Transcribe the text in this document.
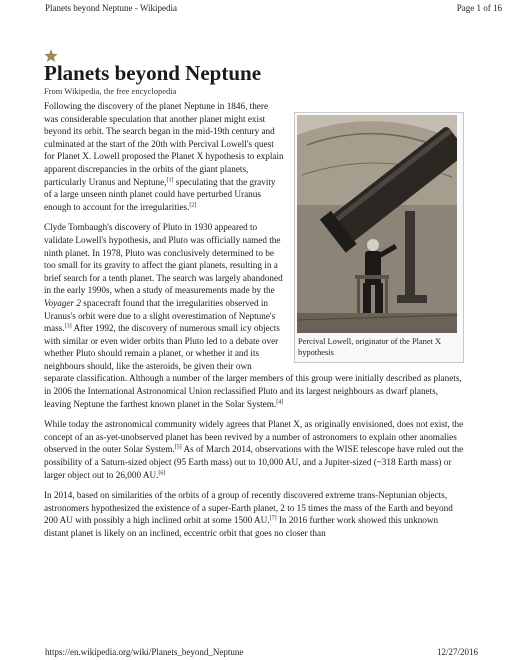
Planets beyond Neptune - Wikipedia	Page 1 of 16
Planets beyond Neptune
From Wikipedia, the free encyclopedia
Percival Lowell, originator of the Planet X hypothesis

Following the discovery of the planet Neptune in 1846, there was considerable speculation that another planet might exist beyond its orbit. The search began in the mid-19th century and culminated at the start of the 20th with Percival Lowell's quest for Planet X. Lowell proposed the Planet X hypothesis to explain apparent discrepancies in the orbits of the giant planets, particularly Uranus and Neptune,[1] speculating that the gravity of a large unseen ninth planet could have perturbed Uranus enough to account for the irregularities.[2]

Clyde Tombaugh's discovery of Pluto in 1930 appeared to validate Lowell's hypothesis, and Pluto was officially named the ninth planet. In 1978, Pluto was conclusively determined to be too small for its gravity to affect the giant planets, resulting in a brief search for a tenth planet. The search was largely abandoned in the early 1990s, when a study of measurements made by the Voyager 2 spacecraft found that the irregularities observed in Uranus's orbit were due to a slight overestimation of Neptune's mass.[3] After 1992, the discovery of numerous small icy objects with similar or even wider orbits than Pluto led to a debate over whether Pluto should remain a planet, or whether it and its neighbours should, like the asteroids, be given their own separate classification. Although a number of the larger members of this group were initially described as planets, in 2006 the International Astronomical Union reclassified Pluto and its largest neighbours as dwarf planets, leaving Neptune the farthest known planet in the Solar System.[4]

While today the astronomical community widely agrees that Planet X, as originally envisioned, does not exist, the concept of an as-yet-unobserved planet has been revived by a number of astronomers to explain other anomalies observed in the outer Solar System.[5] As of March 2014, observations with the WISE telescope have ruled out the possibility of a Saturn-sized object (95 Earth mass) out to 10,000 AU, and a Jupiter-sized (~318 Earth mass) or larger object out to 26,000 AU.[6]

In 2014, based on similarities of the orbits of a group of recently discovered extreme trans-Neptunian objects, astronomers hypothesized the existence of a super-Earth planet, 2 to 15 times the mass of the Earth and beyond 200 AU with possibly a high inclined orbit at some 1500 AU.[7] In 2016 further work showed this unknown distant planet is likely on an inclined, eccentric orbit that goes no closer than

https://en.wikipedia.org/wiki/Planets_beyond_Neptune	12/27/2016
